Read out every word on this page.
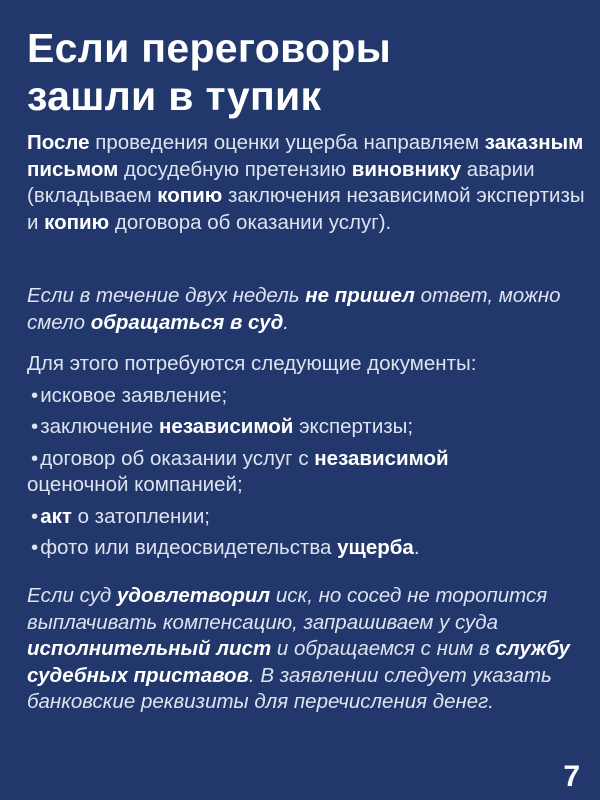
Если переговоры
зашли в тупик
После проведения оценки ущерба направляем заказным письмом досудебную претензию виновнику аварии (вкладываем копию заключения независимой экспертизы и копию договора об оказании услуг).
Если в течение двух недель не пришел ответ, можно смело обращаться в суд.
Для этого потребуются следующие документы:
•исковое заявление;
•заключение независимой экспертизы;
•договор об оказании услуг с независимой
оценочной компанией;
•акт о затоплении;
•фото или видеосвидетельства ущерба.
Если суд удовлетворил иск, но сосед не торопится выплачивать компенсацию, запрашиваем у суда исполнительный лист и обращаемся с ним в службу судебных приставов. В заявлении следует указать банковские реквизиты для перечисления денег.
7
